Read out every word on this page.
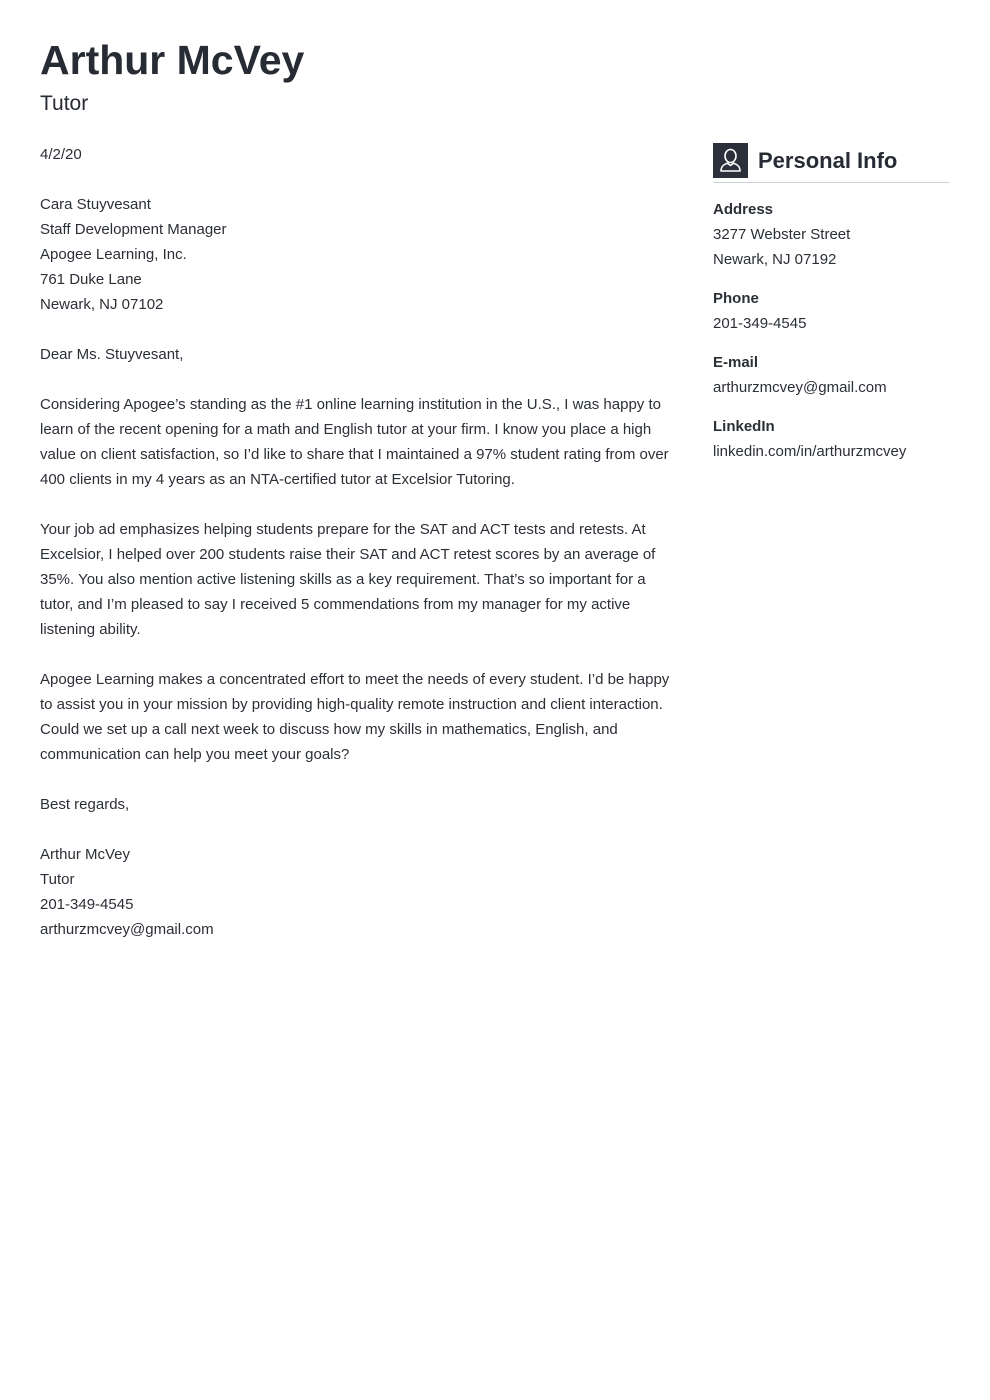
Arthur McVey
Tutor

4/2/20

Cara Stuyvesant
Staff Development Manager
Apogee Learning, Inc.
761 Duke Lane
Newark, NJ 07102

Dear Ms. Stuyvesant,

Considering Apogee’s standing as the #1 online learning institution in the U.S., I was happy to learn of the recent opening for a math and English tutor at your firm. I know you place a high value on client satisfaction, so I’d like to share that I maintained a 97% student rating from over 400 clients in my 4 years as an NTA-certified tutor at Excelsior Tutoring.

Your job ad emphasizes helping students prepare for the SAT and ACT tests and retests. At Excelsior, I helped over 200 students raise their SAT and ACT retest scores by an average of 35%. You also mention active listening skills as a key requirement. That’s so important for a tutor, and I’m pleased to say I received 5 commendations from my manager for my active listening ability.

Apogee Learning makes a concentrated effort to meet the needs of every student. I’d be happy to assist you in your mission by providing high-quality remote instruction and client interaction. Could we set up a call next week to discuss how my skills in mathematics, English, and communication can help you meet your goals?

Best regards,

Arthur McVey
Tutor
201-349-4545
arthurzmcvey@gmail.com

Personal Info
Address
3277 Webster Street
Newark, NJ 07192
Phone
201-349-4545
E-mail
arthurzmcvey@gmail.com
LinkedIn
linkedin.com/in/arthurzmcvey
